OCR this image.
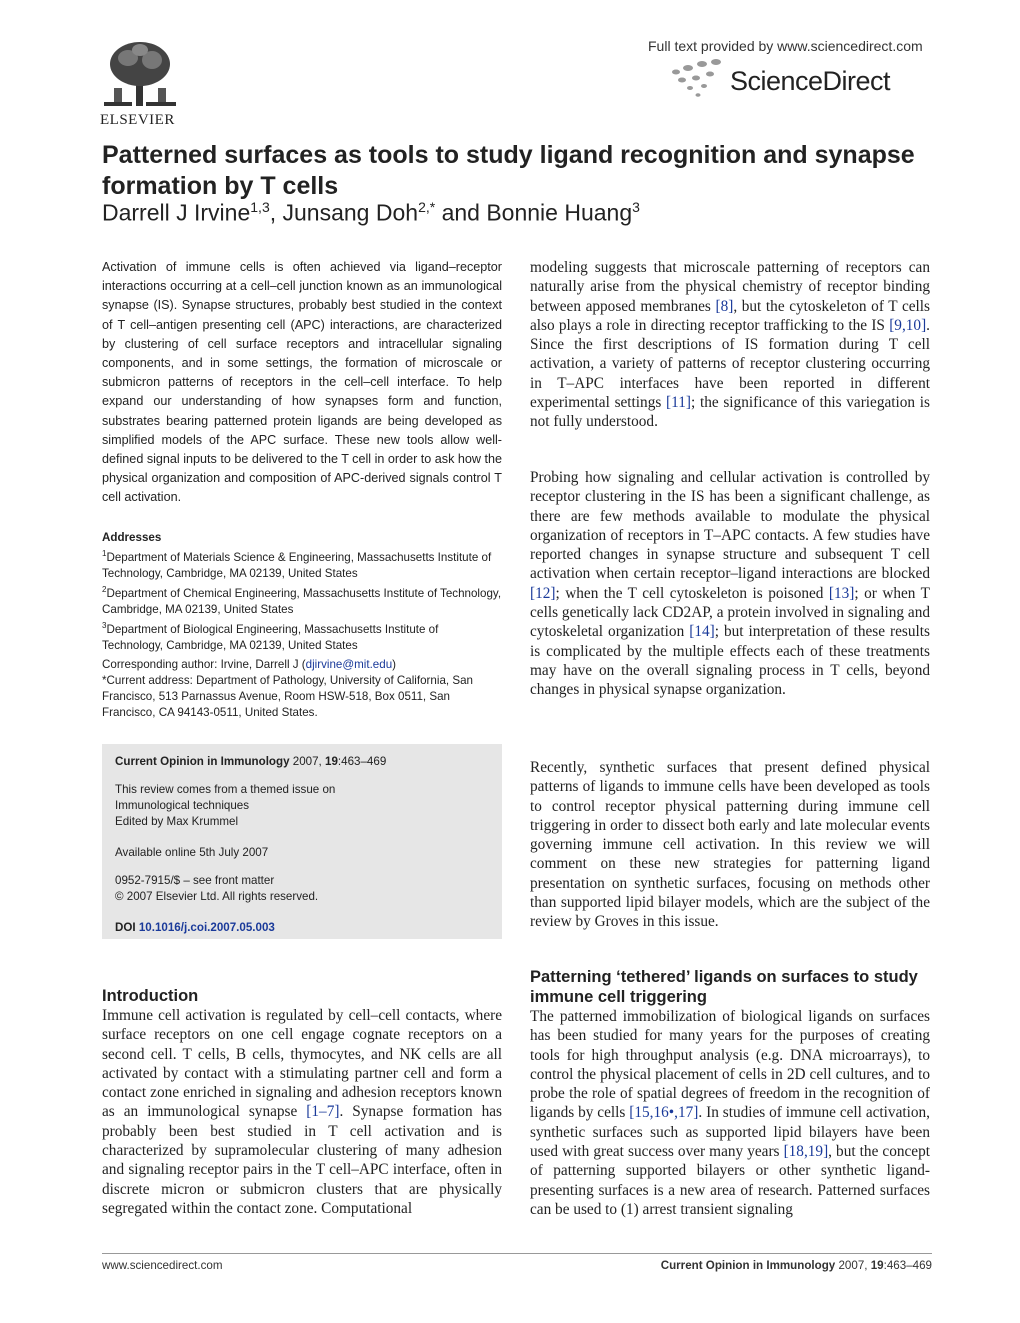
ELSEVIER
Full text provided by www.sciencedirect.com
ScienceDirect
Patterned surfaces as tools to study ligand recognition and synapse formation by T cells
Darrell J Irvine$^{1,3}$, Junsang Doh$^{2,*}$ and Bonnie Huang$^3$
Activation of immune cells is often achieved via ligand–receptor interactions occurring at a cell–cell junction known as an immunological synapse (IS). Synapse structures, probably best studied in the context of T cell–antigen presenting cell (APC) interactions, are characterized by clustering of cell surface receptors and intracellular signaling components, and in some settings, the formation of microscale or submicron patterns of receptors in the cell–cell interface. To help expand our understanding of how synapses form and function, substrates bearing patterned protein ligands are being developed as simplified models of the APC surface. These new tools allow well-defined signal inputs to be delivered to the T cell in order to ask how the physical organization and composition of APC-derived signals control T cell activation.
Addresses
$^1$Department of Materials Science & Engineering, Massachusetts Institute of Technology, Cambridge, MA 02139, United States
$^2$Department of Chemical Engineering, Massachusetts Institute of Technology, Cambridge, MA 02139, United States
$^3$Department of Biological Engineering, Massachusetts Institute of Technology, Cambridge, MA 02139, United States
Corresponding author: Irvine, Darrell J (djirvine@mit.edu)
*Current address: Department of Pathology, University of California, San Francisco, 513 Parnassus Avenue, Room HSW-518, Box 0511, San Francisco, CA 94143-0511, United States.
Current Opinion in Immunology 2007, 19:463–469
This review comes from a themed issue on
Immunological techniques
Edited by Max Krummel
Available online 5th July 2007
0952-7915/$ – see front matter
© 2007 Elsevier Ltd. All rights reserved.
DOI 10.1016/j.coi.2007.05.003
Introduction
Immune cell activation is regulated by cell–cell contacts, where surface receptors on one cell engage cognate receptors on a second cell. T cells, B cells, thymocytes, and NK cells are all activated by contact with a stimulating partner cell and form a contact zone enriched in signaling and adhesion receptors known as an immunological synapse [1–7]. Synapse formation has probably been best studied in T cell activation and is characterized by supramolecular clustering of many adhesion and signaling receptor pairs in the T cell–APC interface, often in discrete micron or submicron clusters that are physically segregated within the contact zone. Computational
modeling suggests that microscale patterning of receptors can naturally arise from the physical chemistry of receptor binding between apposed membranes [8], but the cytoskeleton of T cells also plays a role in directing receptor trafficking to the IS [9,10]. Since the first descriptions of IS formation during T cell activation, a variety of patterns of receptor clustering occurring in T–APC interfaces have been reported in different experimental settings [11]; the significance of this variegation is not fully understood.
Probing how signaling and cellular activation is controlled by receptor clustering in the IS has been a significant challenge, as there are few methods available to modulate the physical organization of receptors in T–APC contacts. A few studies have reported changes in synapse structure and subsequent T cell activation when certain receptor–ligand interactions are blocked [12]; when the T cell cytoskeleton is poisoned [13]; or when T cells genetically lack CD2AP, a protein involved in signaling and cytoskeletal organization [14]; but interpretation of these results is complicated by the multiple effects each of these treatments may have on the overall signaling process in T cells, beyond changes in physical synapse organization.
Recently, synthetic surfaces that present defined physical patterns of ligands to immune cells have been developed as tools to control receptor physical patterning during immune cell triggering in order to dissect both early and late molecular events governing immune cell activation. In this review we will comment on these new strategies for patterning ligand presentation on synthetic surfaces, focusing on methods other than supported lipid bilayer models, which are the subject of the review by Groves in this issue.
Patterning ‘tethered’ ligands on surfaces to study immune cell triggering
The patterned immobilization of biological ligands on surfaces has been studied for many years for the purposes of creating tools for high throughput analysis (e.g. DNA microarrays), to control the physical placement of cells in 2D cell cultures, and to probe the role of spatial degrees of freedom in the recognition of ligands by cells [15,16•,17]. In studies of immune cell activation, synthetic surfaces such as supported lipid bilayers have been used with great success over many years [18,19], but the concept of patterning supported bilayers or other synthetic ligand-presenting surfaces is a new area of research. Patterned surfaces can be used to (1) arrest transient signaling
www.sciencedirect.com	Current Opinion in Immunology 2007, 19:463–469
